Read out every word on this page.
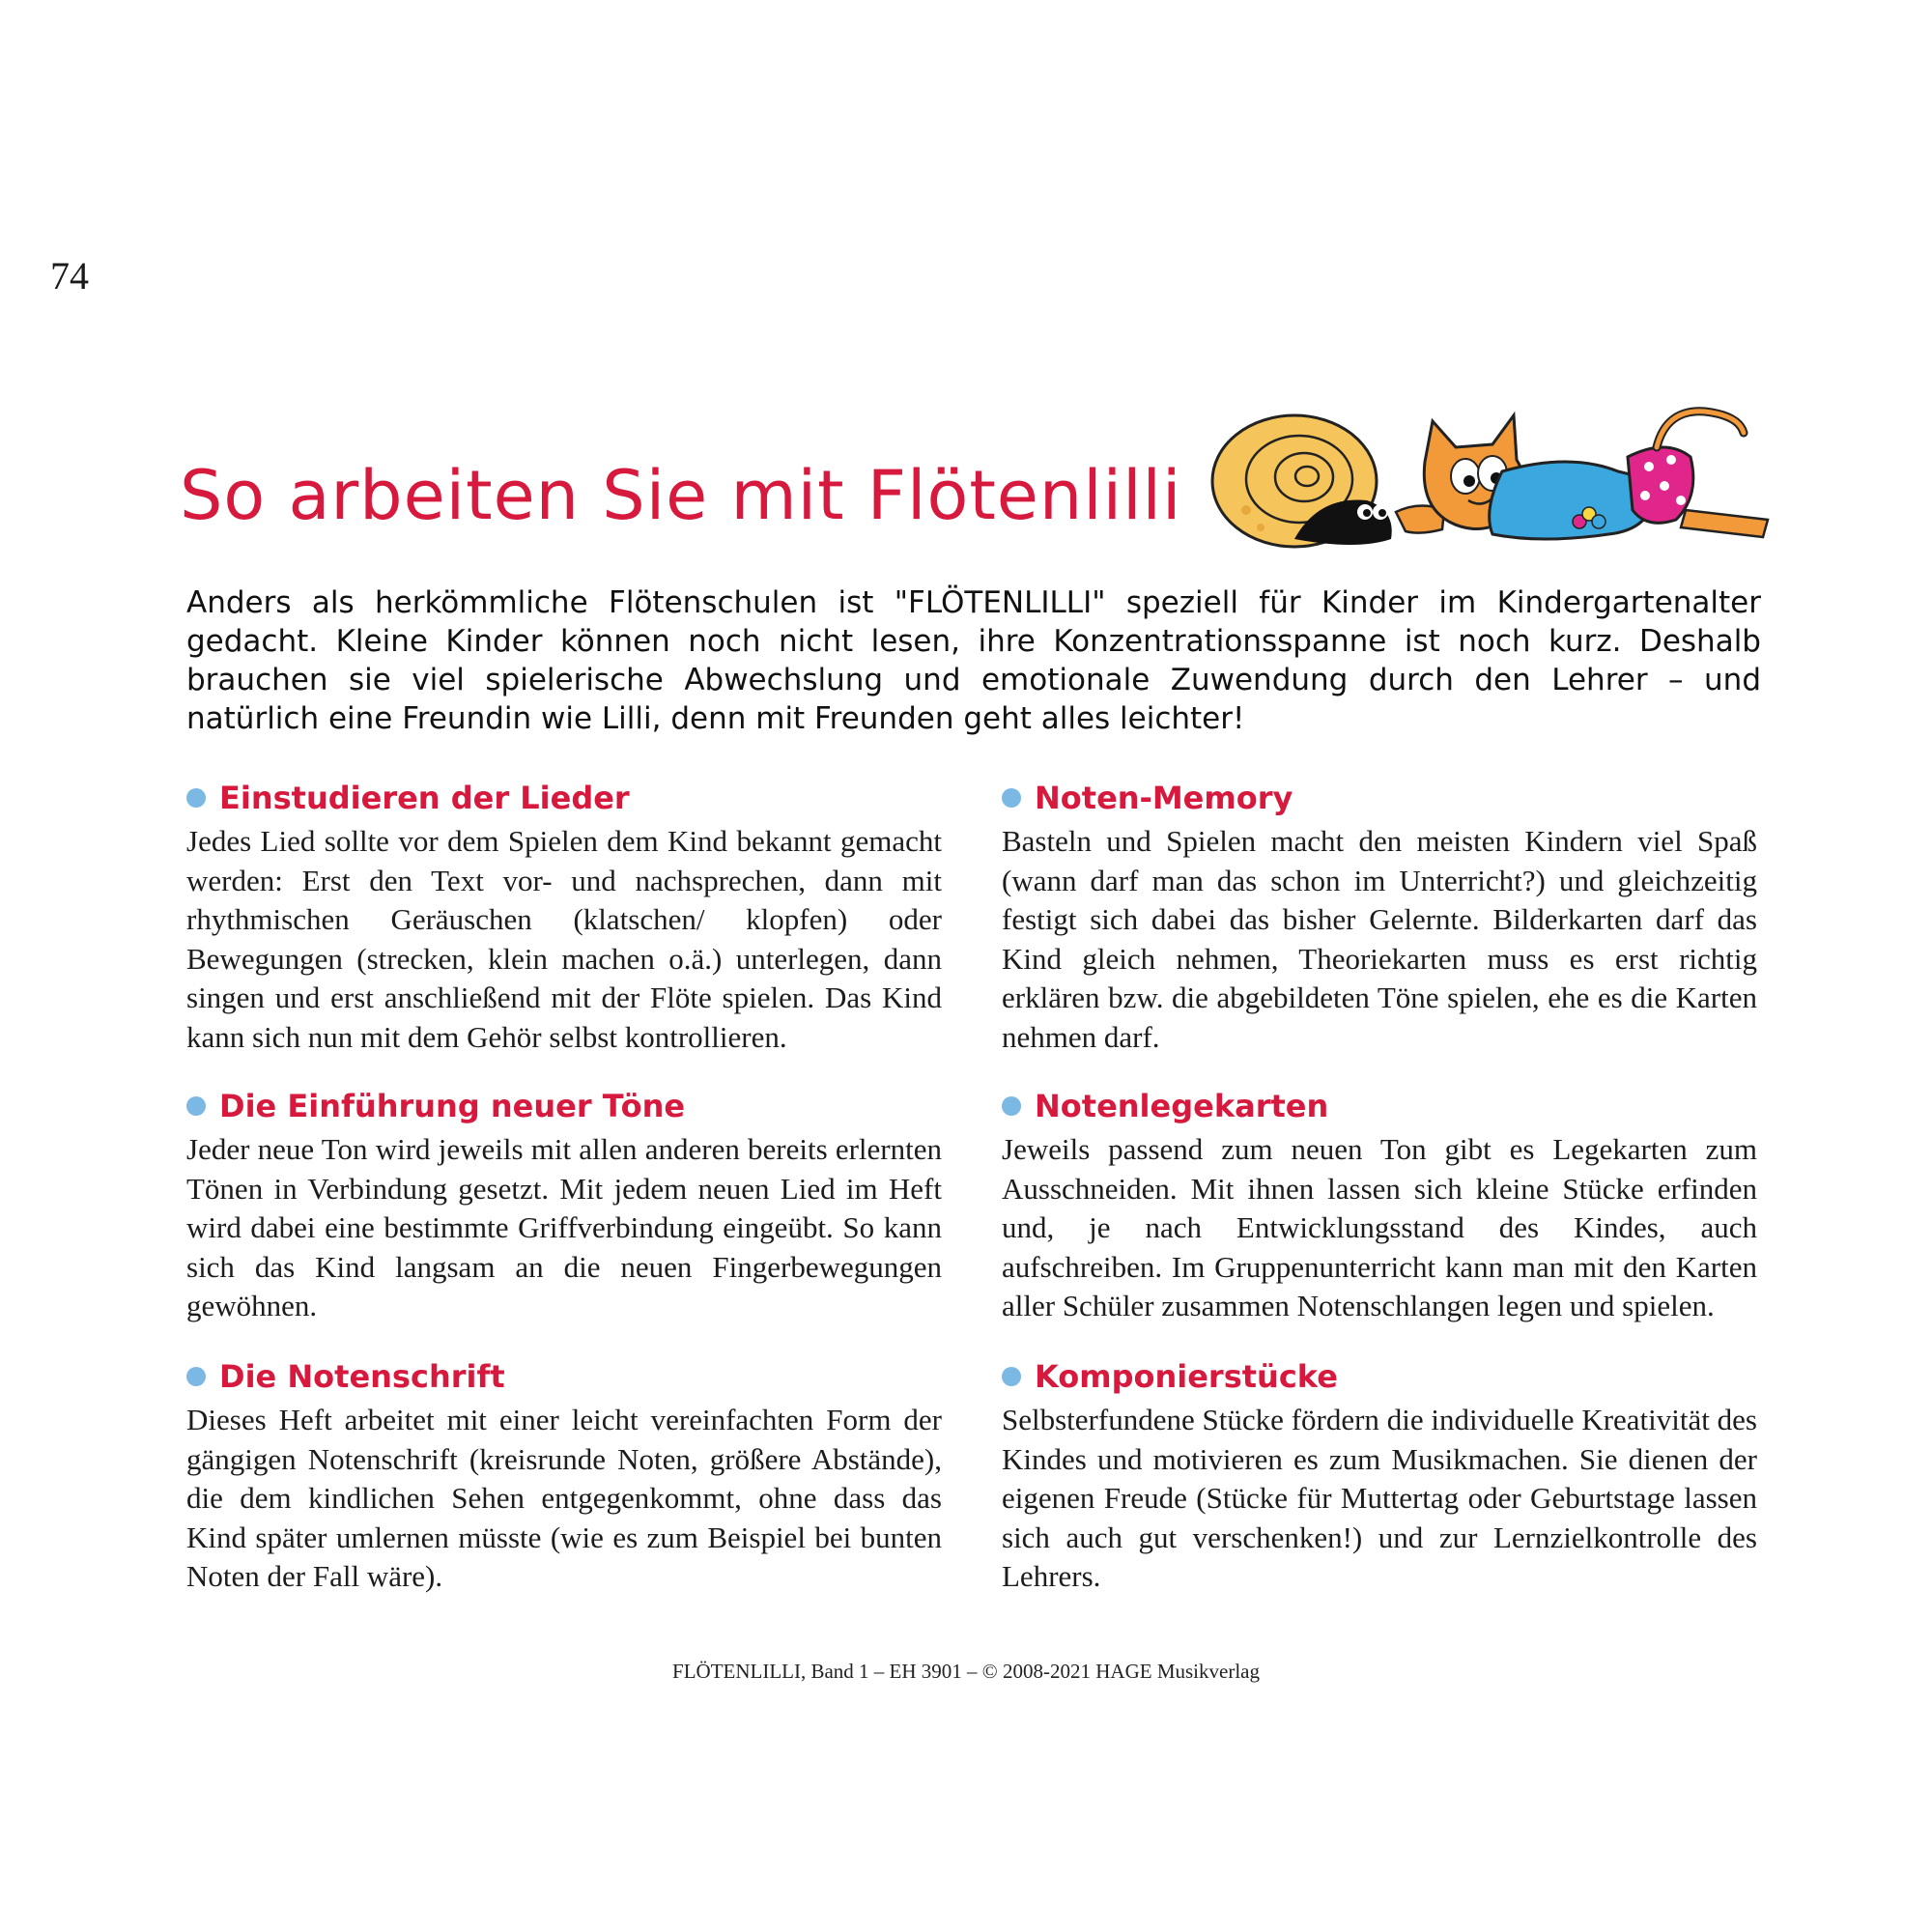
74
So arbeiten Sie mit Flötenlilli

Anders als herkömmliche Flötenschulen ist "FLÖTENLILLI" speziell für Kinder im Kindergartenalter gedacht. Kleine Kinder können noch nicht lesen, ihre Konzentrationsspanne ist noch kurz. Deshalb brauchen sie viel spielerische Abwechslung und emotionale Zuwendung durch den Lehrer – und natürlich eine Freundin wie Lilli, denn mit Freunden geht alles leichter!

Einstudieren der Lieder

Jedes Lied sollte vor dem Spielen dem Kind bekannt gemacht werden: Erst den Text vor- und nachsprechen, dann mit rhythmischen Geräuschen (klatschen/ klopfen) oder Bewegungen (strecken, klein machen o.ä.) unterlegen, dann singen und erst anschließend mit der Flöte spielen. Das Kind kann sich nun mit dem Gehör selbst kontrollieren.

Noten-Memory

Basteln und Spielen macht den meisten Kindern viel Spaß (wann darf man das schon im Unterricht?) und gleichzeitig festigt sich dabei das bisher Gelernte. Bilderkarten darf das Kind gleich nehmen, Theoriekarten muss es erst richtig erklären bzw. die abgebildeten Töne spielen, ehe es die Karten nehmen darf.

Die Einführung neuer Töne

Jeder neue Ton wird jeweils mit allen anderen bereits erlernten Tönen in Verbindung gesetzt. Mit jedem neuen Lied im Heft wird dabei eine bestimmte Griffverbindung eingeübt. So kann sich das Kind langsam an die neuen Fingerbewegungen gewöhnen.

Notenlegekarten

Jeweils passend zum neuen Ton gibt es Legekarten zum Ausschneiden. Mit ihnen lassen sich kleine Stücke erfinden und, je nach Entwicklungsstand des Kindes, auch aufschreiben. Im Gruppenunterricht kann man mit den Karten aller Schüler zusammen Notenschlangen legen und spielen.

Die Notenschrift

Dieses Heft arbeitet mit einer leicht vereinfachten Form der gängigen Notenschrift (kreisrunde Noten, größere Abstände), die dem kindlichen Sehen entgegenkommt, ohne dass das Kind später umlernen müsste (wie es zum Beispiel bei bunten Noten der Fall wäre).

Komponierstücke

Selbsterfundene Stücke fördern die individuelle Kreativität des Kindes und motivieren es zum Musikmachen. Sie dienen der eigenen Freude (Stücke für Muttertag oder Geburtstage lassen sich auch gut verschenken!) und zur Lernzielkontrolle des Lehrers.

FLÖTENLILLI, Band 1 – EH 3901 – © 2008-2021 HAGE Musikverlag
